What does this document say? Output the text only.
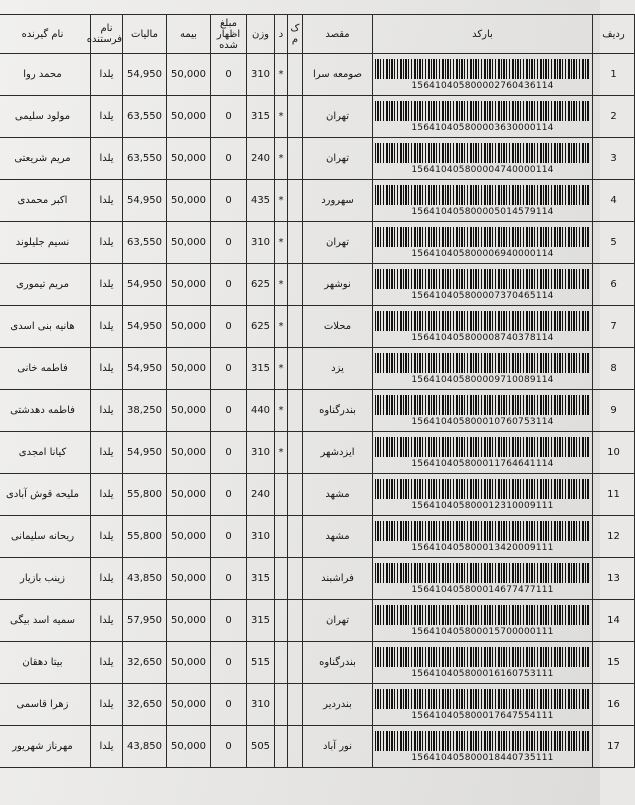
ردیف	بارکد	مقصد	ک م	د	وزن	مبلغ اظهار شده	بیمه	مالیات	نام فرستنده	نام گیرنده
1	156410405800002760436114	صومعه سرا		*	310	0	50,000	54,950	یلدا	محمد روا
2	156410405800003630000114	تهران		*	315	0	50,000	63,550	یلدا	مولود سلیمی
3	156410405800004740000114	تهران		*	240	0	50,000	63,550	یلدا	مریم شریعتی
4	156410405800005014579114	سهرورد		*	435	0	50,000	54,950	یلدا	اکبر محمدی
5	156410405800006940000114	تهران		*	310	0	50,000	63,550	یلدا	نسیم جلیلوند
6	156410405800007370465114	نوشهر		*	625	0	50,000	54,950	یلدا	مریم تیموری
7	156410405800008740378114	محلات		*	625	0	50,000	54,950	یلدا	هانیه بنی اسدی
8	156410405800009710089114	یزد		*	315	0	50,000	54,950	یلدا	فاطمه خانی
9	156410405800010760753114	بندرگناوه		*	440	0	50,000	38,250	یلدا	فاطمه دهدشتی
10	156410405800011764641114	ایزدشهر		*	310	0	50,000	54,950	یلدا	کیانا امجدی
11	156410405800012310009111	مشهد			240	0	50,000	55,800	یلدا	ملیحه قوش آبادی
12	156410405800013420009111	مشهد			310	0	50,000	55,800	یلدا	ریحانه سلیمانی
13	156410405800014677477111	فراشبند			315	0	50,000	43,850	یلدا	زینب بازیار
14	156410405800015700000111	تهران			315	0	50,000	57,950	یلدا	سمیه اسد بیگی
15	156410405800016160753111	بندرگناوه			515	0	50,000	32,650	یلدا	بیتا دهقان
16	156410405800017647554111	بندردیر			310	0	50,000	32,650	یلدا	زهرا قاسمی
17	156410405800018440735111	نور آباد			505	0	50,000	43,850	یلدا	مهرناز شهریور
